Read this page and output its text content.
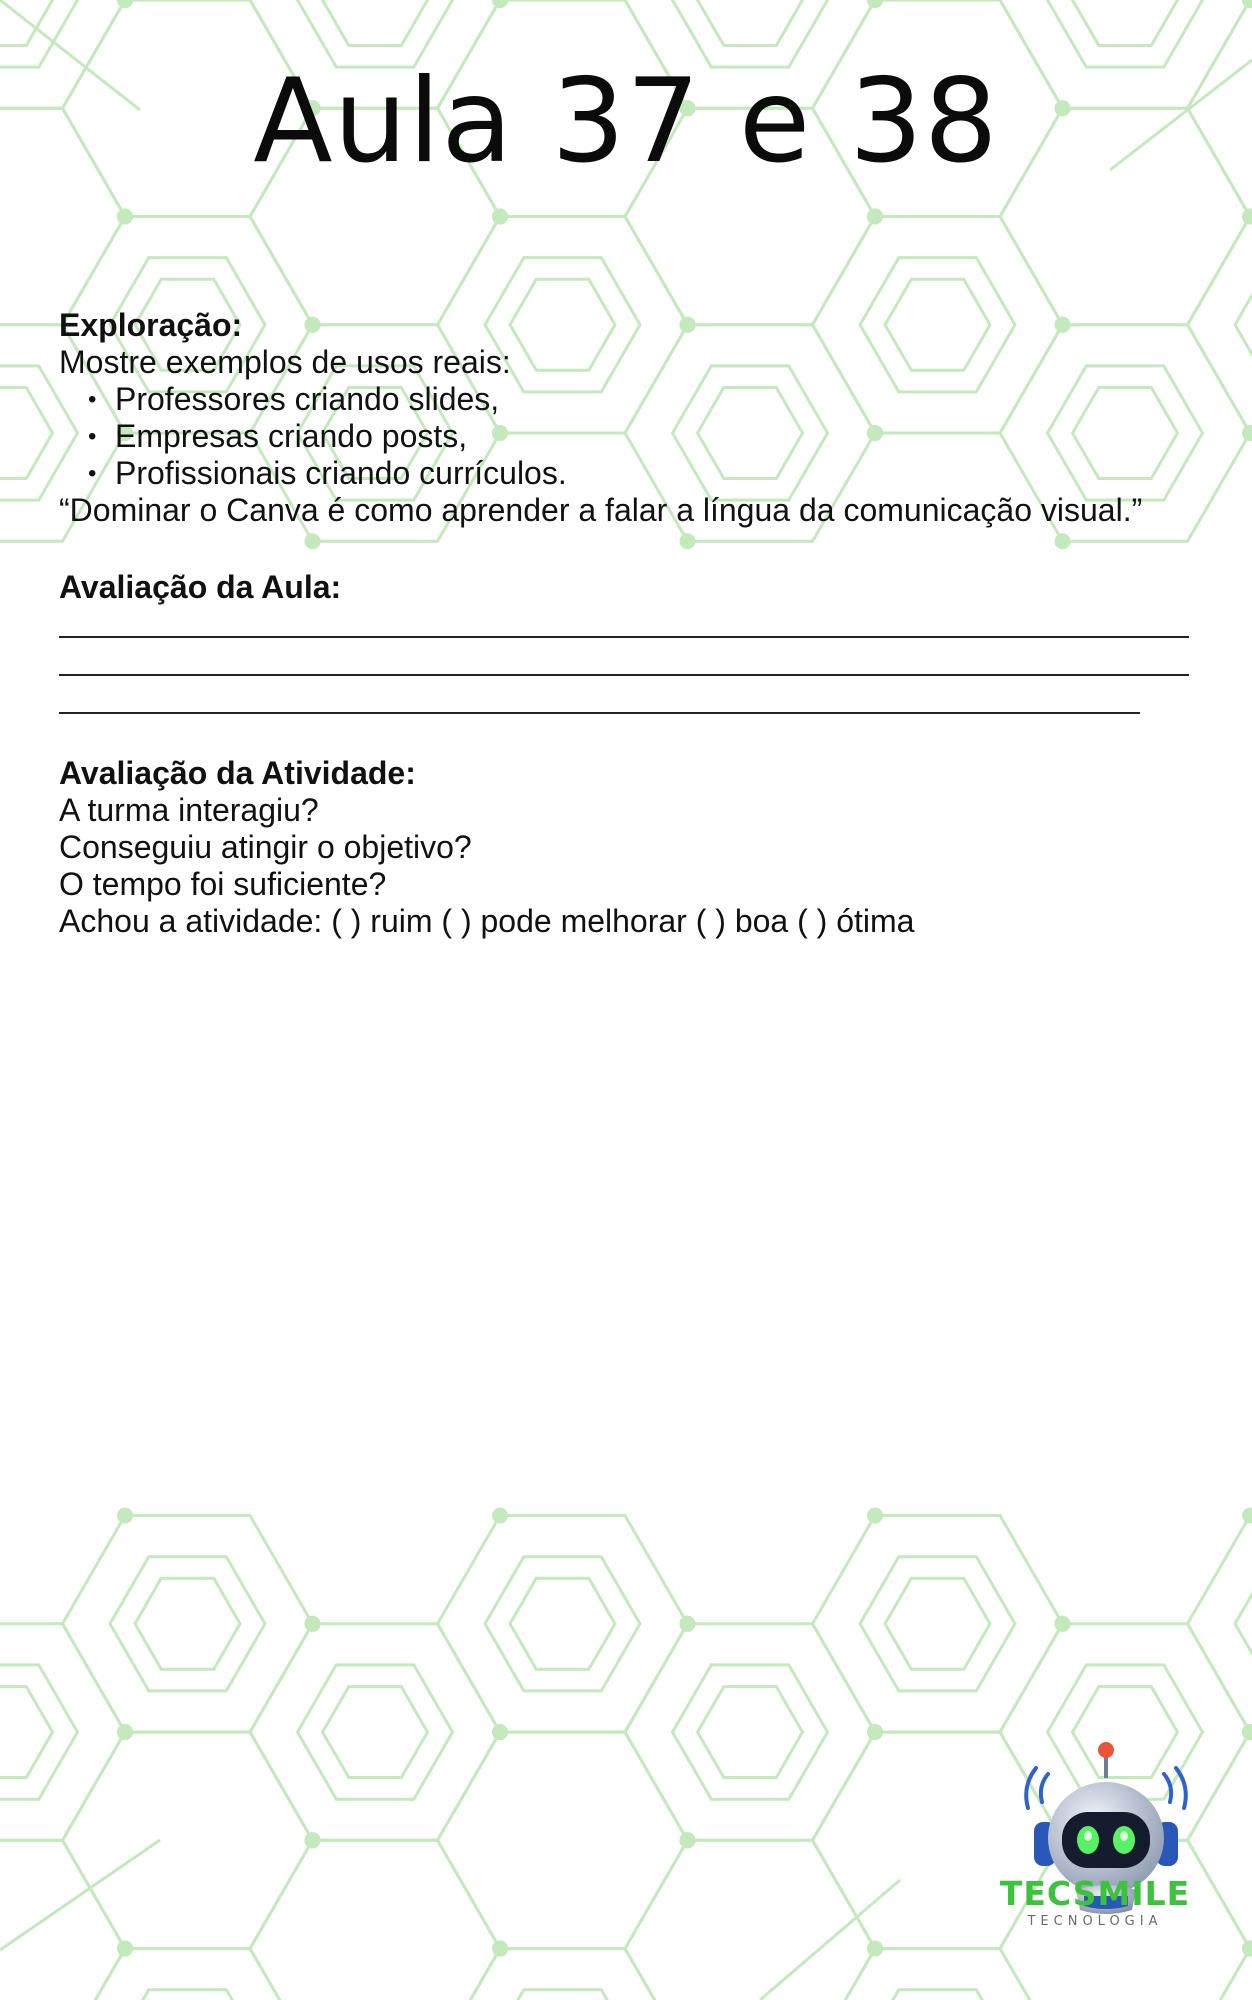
Aula 37 e 38

Exploração:

Mostre exemplos de usos reais:

• Professores criando slides,
• Empresas criando posts,
• Profissionais criando currículos.

“Dominar o Canva é como aprender a falar a língua da comunicação visual.”

Avaliação da Aula:

Avaliação da Atividade:

A turma interagiu?

Conseguiu atingir o objetivo?

O tempo foi suficiente?

Achou a atividade: ( ) ruim ( ) pode melhorar ( ) boa ( ) ótima

TECSMILE
TECNOLOGIA
